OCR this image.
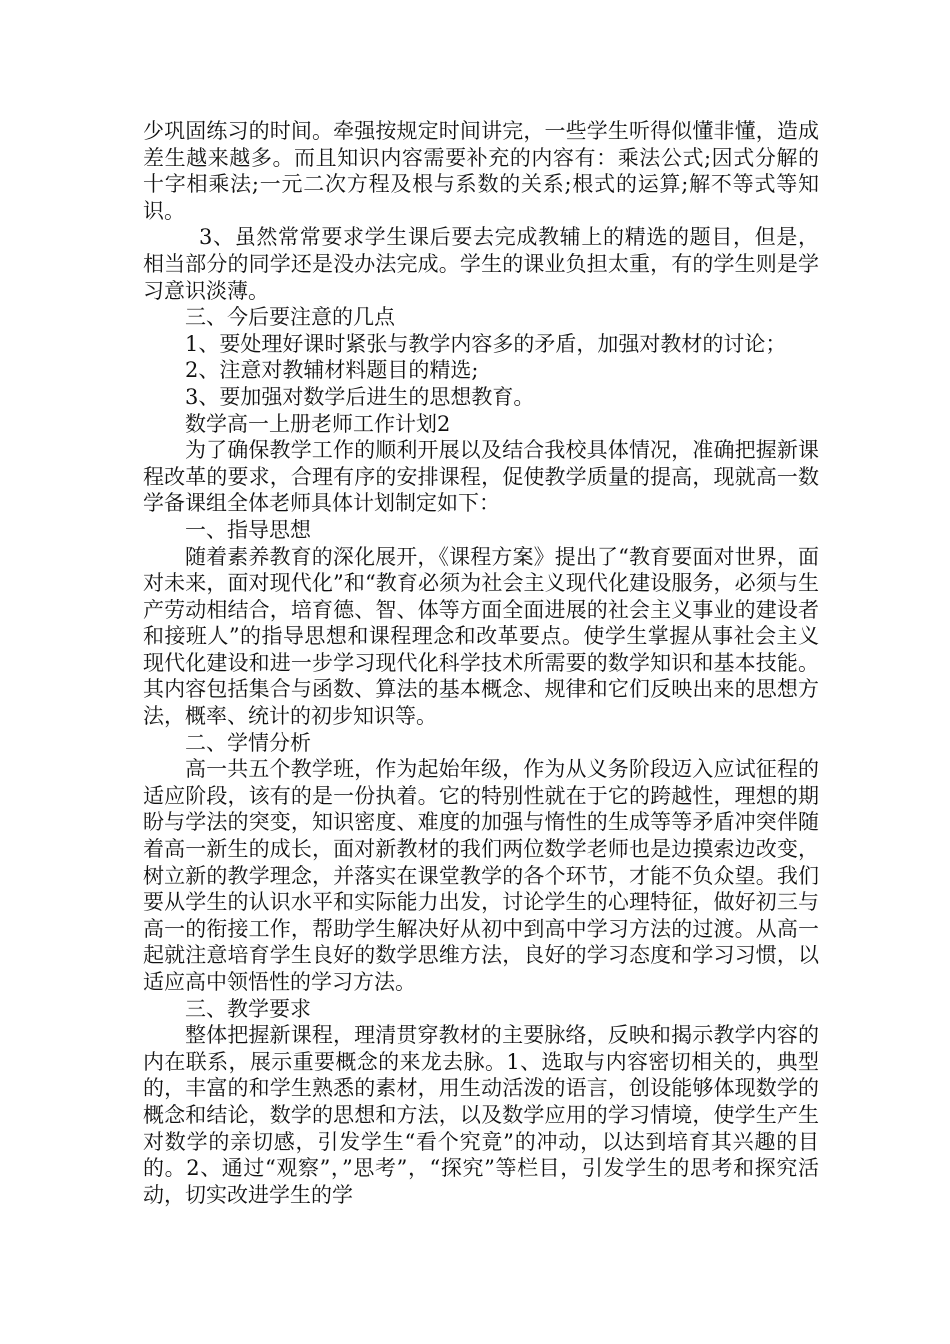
少巩固练习的时间。牵强按规定时间讲完，一些学生听得似懂非懂，造成差生越来越多。而且知识内容需要补充的内容有：乘法公式;因式分解的十字相乘法;一元二次方程及根与系数的关系;根式的运算;解不等式等知识。

3、虽然常常要求学生课后要去完成教辅上的精选的题目，但是，相当部分的同学还是没办法完成。学生的课业负担太重，有的学生则是学习意识淡薄。

三、今后要注意的几点

1、要处理好课时紧张与教学内容多的矛盾，加强对教材的讨论；

2、注意对教辅材料题目的精选;

3、要加强对数学后进生的思想教育。

数学高一上册老师工作计划2

为了确保教学工作的顺利开展以及结合我校具体情况，准确把握新课程改革的要求，合理有序的安排课程，促使教学质量的提高，现就高一数学备课组全体老师具体计划制定如下：

一、指导思想

随着素养教育的深化展开，《课程方案》提出了“教育要面对世界，面对未来，面对现代化”和“教育必须为社会主义现代化建设服务，必须与生产劳动相结合，培育德、智、体等方面全面进展的社会主义事业的建设者和接班人”的指导思想和课程理念和改革要点。使学生掌握从事社会主义现代化建设和进一步学习现代化科学技术所需要的数学知识和基本技能。其内容包括集合与函数、算法的基本概念、规律和它们反映出来的思想方法，概率、统计的初步知识等。

二、学情分析

高一共五个教学班，作为起始年级，作为从义务阶段迈入应试征程的适应阶段，该有的是一份执着。它的特别性就在于它的跨越性，理想的期盼与学法的突变，知识密度、难度的加强与惰性的生成等等矛盾冲突伴随着高一新生的成长，面对新教材的我们两位数学老师也是边摸索边改变，树立新的教学理念，并落实在课堂教学的各个环节，才能不负众望。我们要从学生的认识水平和实际能力出发，讨论学生的心理特征，做好初三与高一的衔接工作，帮助学生解决好从初中到高中学习方法的过渡。从高一起就注意培育学生良好的数学思维方法，良好的学习态度和学习习惯，以适应高中领悟性的学习方法。

三、教学要求

整体把握新课程，理清贯穿教材的主要脉络，反映和揭示教学内容的内在联系，展示重要概念的来龙去脉。1、选取与内容密切相关的，典型的，丰富的和学生熟悉的素材，用生动活泼的语言，创设能够体现数学的概念和结论，数学的思想和方法，以及数学应用的学习情境，使学生产生对数学的亲切感，引发学生“看个究竟”的冲动，以达到培育其兴趣的目的。2、通过“观察”，”思考”，“探究”等栏目，引发学生的思考和探究活动，切实改进学生的学
